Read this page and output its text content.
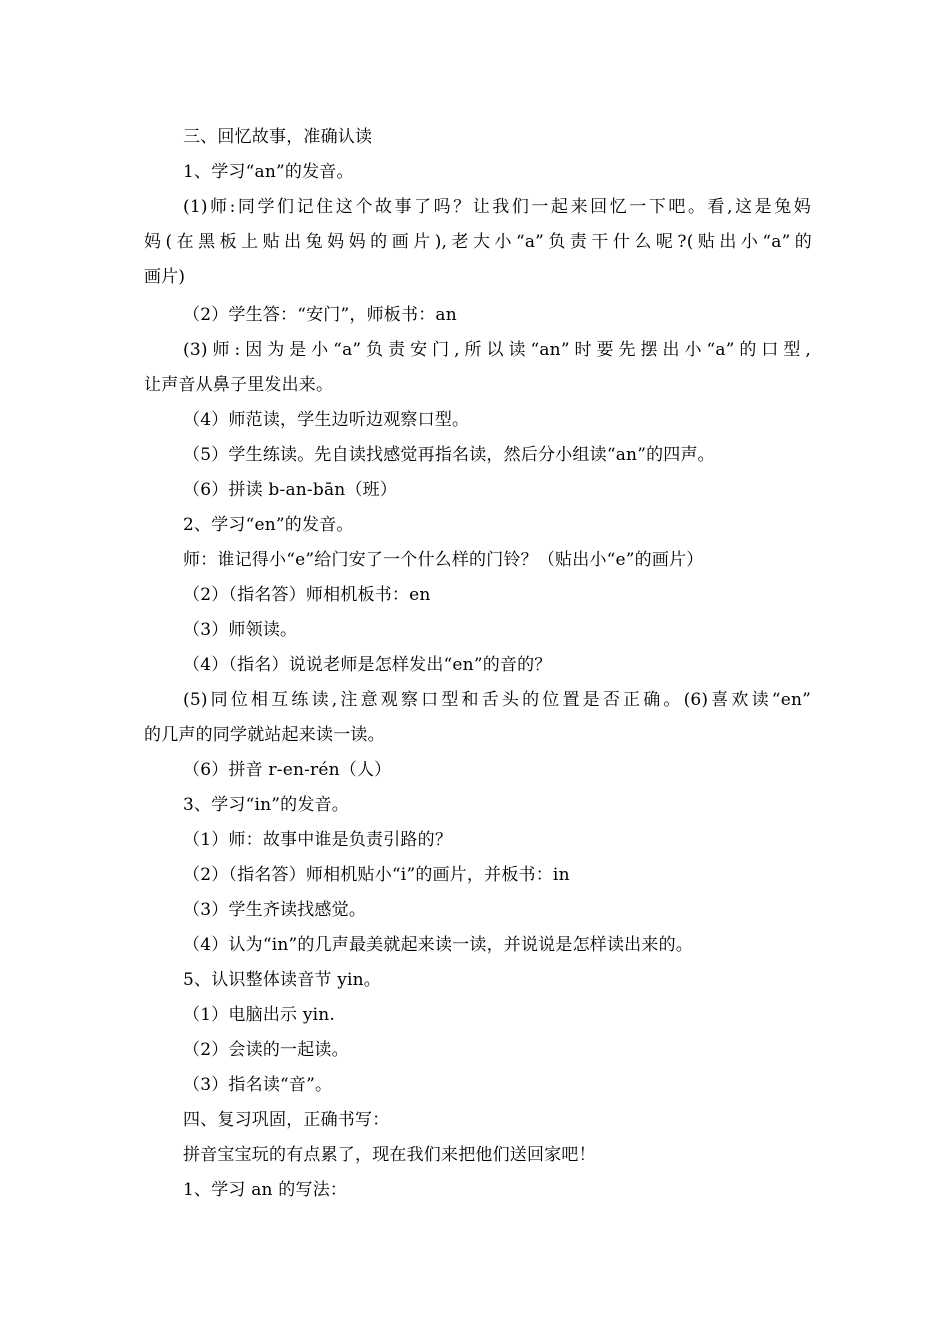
三、回忆故事，准确认读
1、学习“an”的发音。
(1)师:同学们记住这个故事了吗？让我们一起来回忆一下吧。看,这是兔妈
妈(在黑板上贴出兔妈妈的画片),老大小“a”负责干什么呢?(贴出小“a”的
画片)
（2）学生答：“安门”，师板书：an
(3)师:因为是小“a”负责安门,所以读“an”时要先摆出小“a”的口型,
让声音从鼻子里发出来。
（4）师范读，学生边听边观察口型。
（5）学生练读。先自读找感觉再指名读，然后分小组读“an”的四声。
（6）拼读 b-an-bān（班）
2、学习“en”的发音。
师：谁记得小“e”给门安了一个什么样的门铃？（贴出小“e”的画片）
（2）（指名答）师相机板书：en
（3）师领读。
（4）（指名）说说老师是怎样发出“en”的音的？
(5)同位相互练读,注意观察口型和舌头的位置是否正确。(6)喜欢读“en”
的几声的同学就站起来读一读。
（6）拼音 r-en-rén（人）
3、学习“in”的发音。
（1）师：故事中谁是负责引路的？
（2）（指名答）师相机贴小“i”的画片，并板书：in
（3）学生齐读找感觉。
（4）认为“in”的几声最美就起来读一读，并说说是怎样读出来的。
5、认识整体读音节 yin。
（1）电脑出示 yin.
（2）会读的一起读。
（3）指名读“音”。
四、复习巩固，正确书写：
拼音宝宝玩的有点累了，现在我们来把他们送回家吧！
1、学习 an 的写法：
